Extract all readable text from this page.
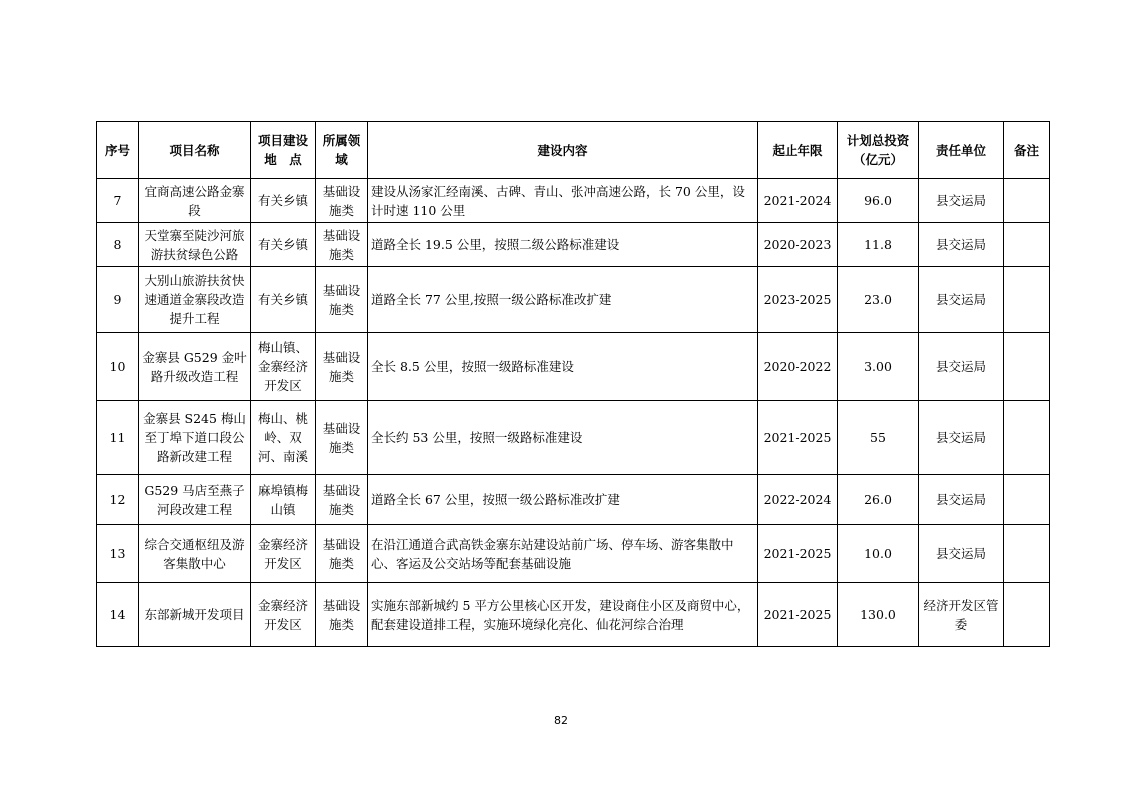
序号	项目名称	项目建设地　点	所属领域	建设内容	起止年限	计划总投资（亿元）	责任单位	备注
7	宜商高速公路金寨段	有关乡镇	基础设施类	建设从汤家汇经南溪、古碑、青山、张冲高速公路，长 70 公里，设计时速 110 公里	2021-2024	96.0	县交运局	
8	天堂寨至陡沙河旅游扶贫绿色公路	有关乡镇	基础设施类	道路全长 19.5 公里，按照二级公路标准建设	2020-2023	11.8	县交运局	
9	大别山旅游扶贫快速通道金寨段改造提升工程	有关乡镇	基础设施类	道路全长 77 公里,按照一级公路标准改扩建	2023-2025	23.0	县交运局	
10	金寨县 G529 金叶路升级改造工程	梅山镇、金寨经济开发区	基础设施类	全长 8.5 公里，按照一级路标准建设	2020-2022	3.00	县交运局	
11	金寨县 S245 梅山至丁埠下道口段公路新改建工程	梅山、桃岭、双河、南溪	基础设施类	全长约 53 公里，按照一级路标准建设	2021-2025	55	县交运局	
12	G529 马店至燕子河段改建工程	麻埠镇梅山镇	基础设施类	道路全长 67 公里，按照一级公路标准改扩建	2022-2024	26.0	县交运局	
13	综合交通枢纽及游客集散中心	金寨经济开发区	基础设施类	在沿江通道合武高铁金寨东站建设站前广场、停车场、游客集散中心、客运及公交站场等配套基础设施	2021-2025	10.0	县交运局	
14	东部新城开发项目	金寨经济开发区	基础设施类	实施东部新城约 5 平方公里核心区开发，建设商住小区及商贸中心，配套建设道排工程，实施环境绿化亮化、仙花河综合治理	2021-2025	130.0	经济开发区管委	
82
